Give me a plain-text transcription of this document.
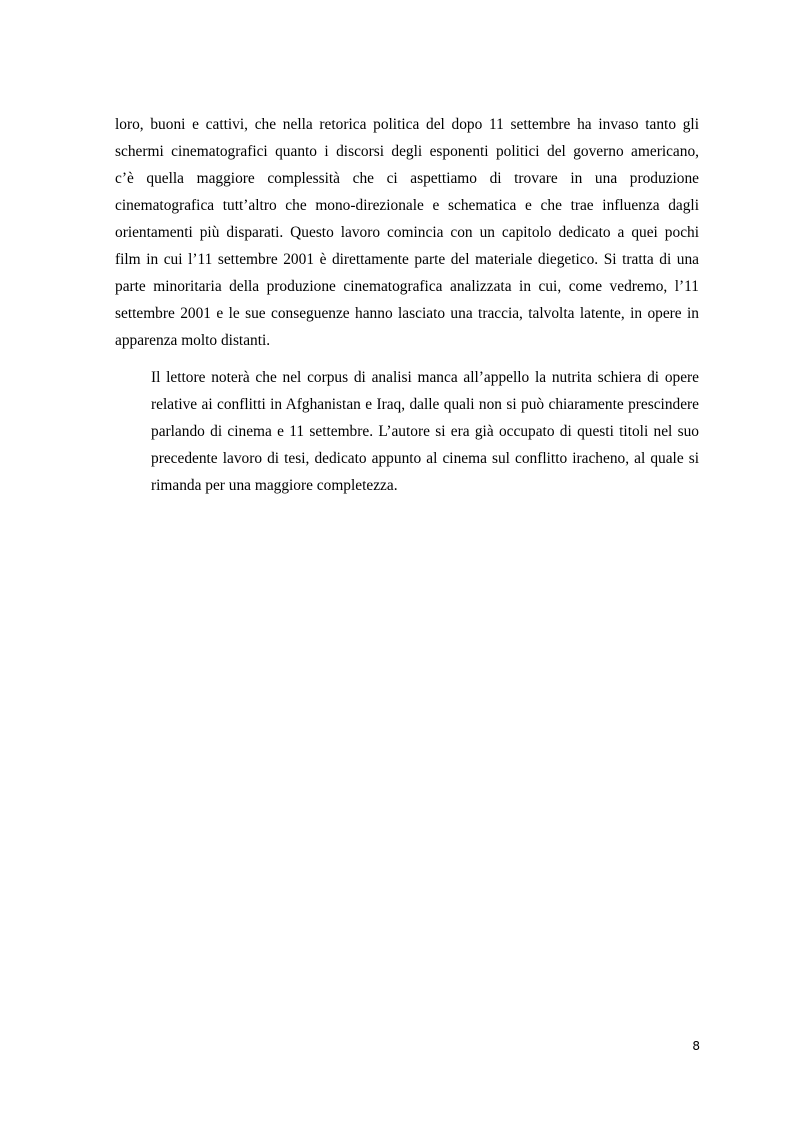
loro, buoni e cattivi, che nella retorica politica del dopo 11 settembre ha invaso tanto gli
schermi cinematografici quanto i discorsi degli esponenti politici del governo americano,
c’è quella maggiore complessità che ci aspettiamo di trovare in una produzione
cinematografica tutt’altro che mono-direzionale e schematica e che trae influenza dagli
orientamenti più disparati. Questo lavoro comincia con un capitolo dedicato a quei pochi
film in cui l’11 settembre 2001 è direttamente parte del materiale diegetico. Si tratta di una
parte minoritaria della produzione cinematografica analizzata in cui, come vedremo, l’11
settembre 2001 e le sue conseguenze hanno lasciato una traccia, talvolta latente, in opere in
apparenza molto distanti.

Il lettore noterà che nel corpus di analisi manca all’appello la nutrita schiera di opere
relative ai conflitti in Afghanistan e Iraq, dalle quali non si può chiaramente prescindere
parlando di cinema e 11 settembre. L’autore si era già occupato di questi titoli nel suo
precedente lavoro di tesi, dedicato appunto al cinema sul conflitto iracheno, al quale si
rimanda per una maggiore completezza.

8
